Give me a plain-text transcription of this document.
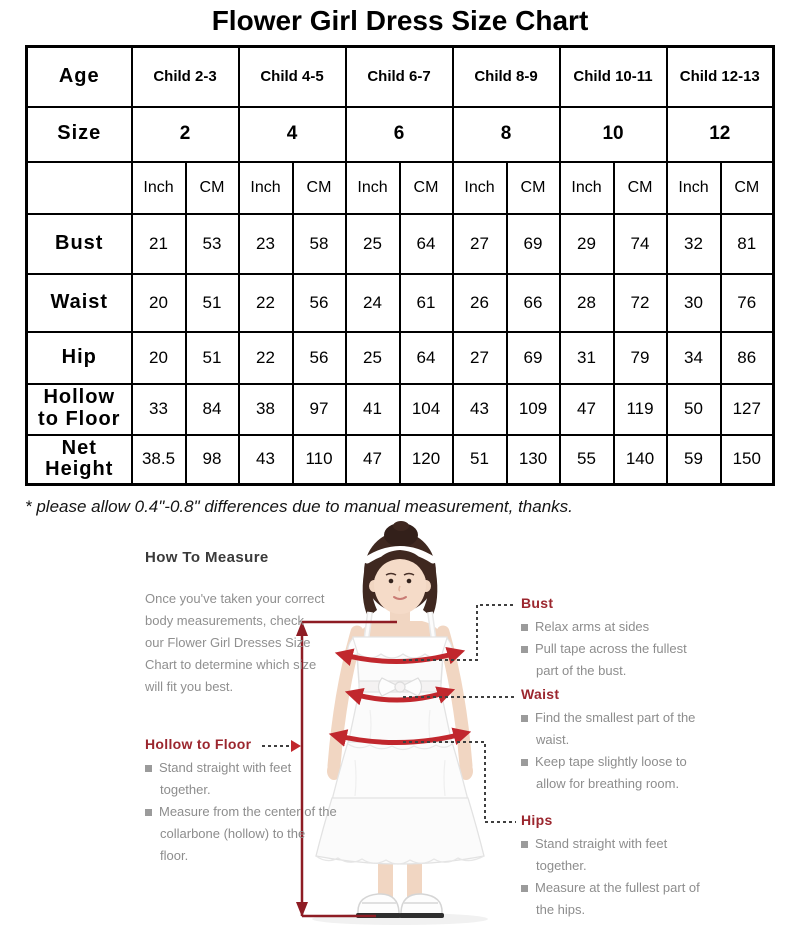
Flower Girl Dress Size Chart
Age	Child 2-3		Child 4-5		Child 6-7		Child 8-9		Child 10-11		Child 12-13	
Size	2		4		6		8		10		12	
	Inch	CM	Inch	CM	Inch	CM	Inch	CM	Inch	CM	Inch	CM
Bust	21	53	23	58	25	64	27	69	29	74	32	81
Waist	20	51	22	56	24	61	26	66	28	72	30	76
Hip	20	51	22	56	25	64	27	69	31	79	34	86
Hollow to Floor	33	84	38	97	41	104	43	109	47	119	50	127
Net Height	38.5	98	43	110	47	120	51	130	55	140	59	150
* please allow 0.4"-0.8" differences due to manual measurement, thanks.
How To Measure
Once you've taken your correct body measurements, check our Flower Girl Dresses Size Chart to determine which size will fit you best.
Bust
Relax arms at sides
Pull tape across the fullest part of the bust.
Waist
Find the smallest part of the waist.
Keep tape slightly loose to allow for breathing room.
Hips
Stand straight with feet together.
Measure at the fullest part of the hips.
Hollow to Floor
Stand straight with feet together.
Measure from the center of the collarbone (hollow) to the floor.
